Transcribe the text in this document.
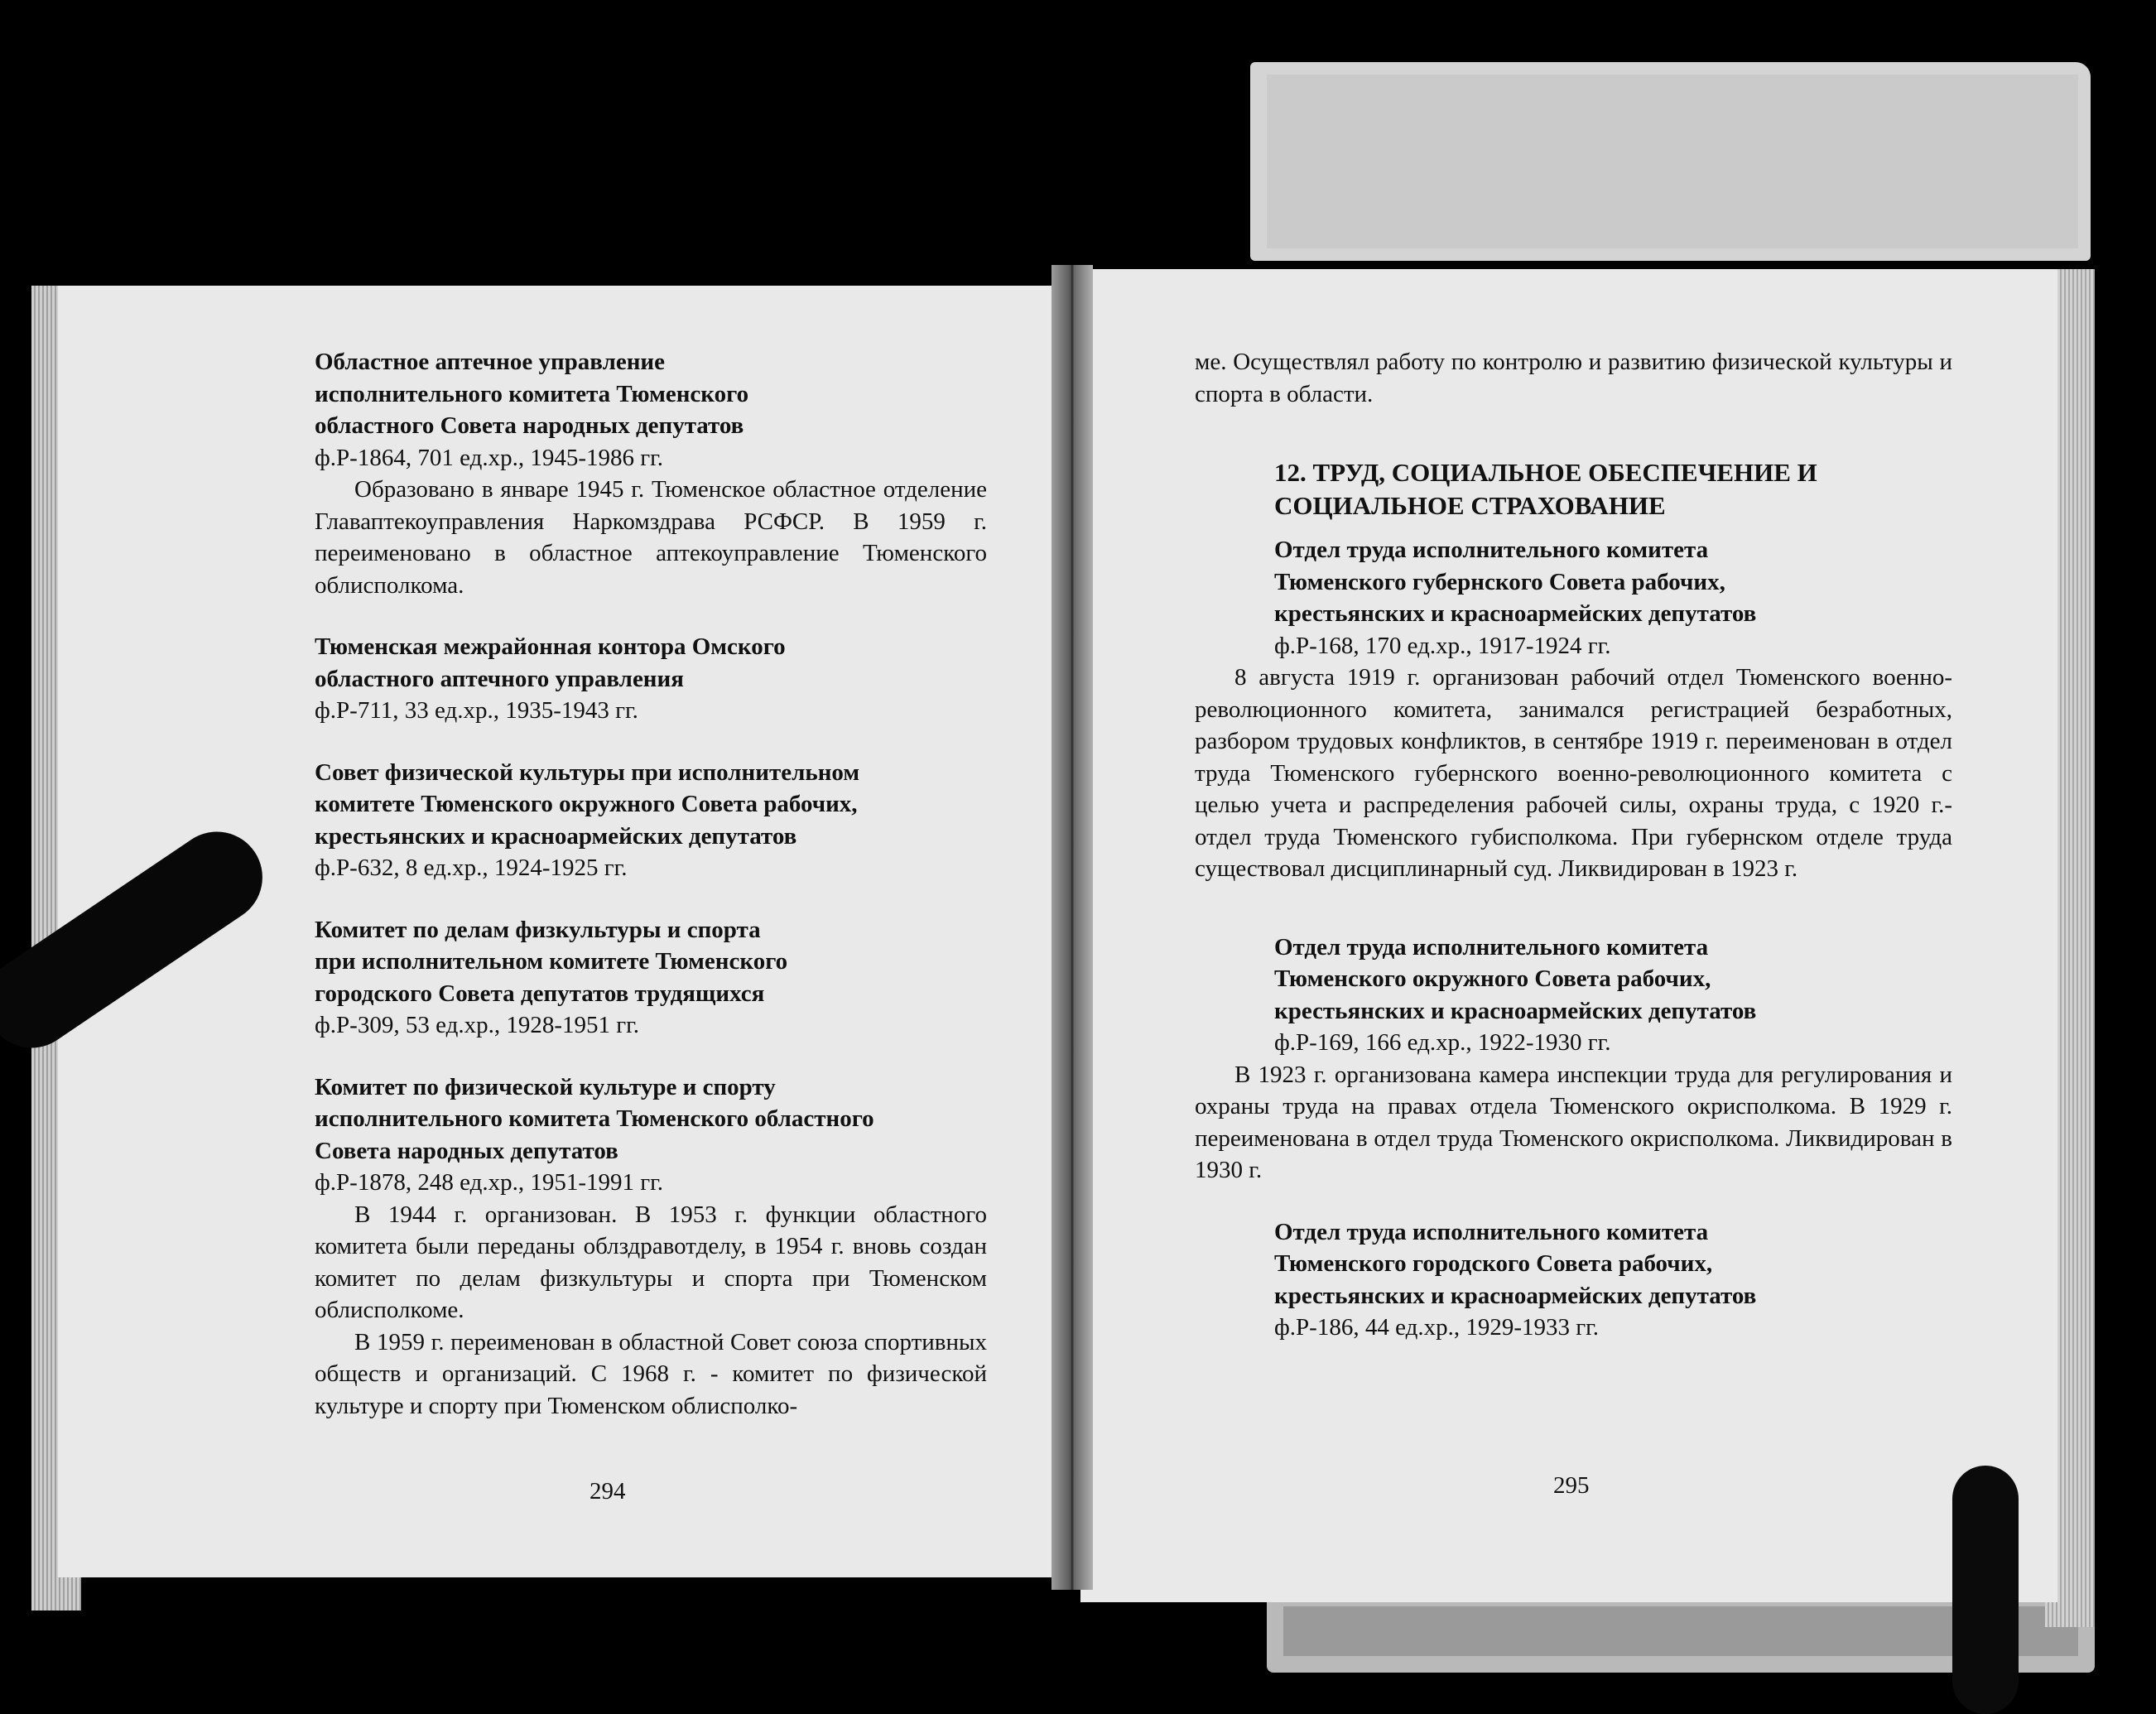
Областное аптечное управление

исполнительного комитета Тюменского

областного Совета народных депутатов

ф.Р-1864, 701 ед.хр., 1945-1986 гг.

Образовано в январе 1945 г. Тюменское областное отделение Главаптекоуправления Наркомздрава РСФСР. В 1959 г. переименовано в областное аптекоуправление Тюменского облисполкома.

Тюменская межрайонная контора Омского

областного аптечного управления

ф.Р-711, 33 ед.хр., 1935-1943 гг.

Совет физической культуры при исполнительном

комитете Тюменского окружного Совета рабочих,

крестьянских и красноармейских депутатов

ф.Р-632, 8 ед.хр., 1924-1925 гг.

Комитет по делам физкультуры и спорта

при исполнительном комитете Тюменского

городского Совета депутатов трудящихся

ф.Р-309, 53 ед.хр., 1928-1951 гг.

Комитет по физической культуре и спорту

исполнительного комитета Тюменского областного

Совета народных депутатов

ф.Р-1878, 248 ед.хр., 1951-1991 гг.

В 1944 г. организован. В 1953 г. функции областного комитета были переданы облздравотделу, в 1954 г. вновь создан комитет по делам физкультуры и спорта при Тюменском облисполкоме.

В 1959 г. переименован в областной Совет союза спортивных обществ и организаций. С 1968 г. - комитет по физической культуре и спорту при Тюменском облисполко-

294

ме. Осуществлял работу по контролю и развитию физической культуры и спорта в области.

12. ТРУД, СОЦИАЛЬНОЕ ОБЕСПЕЧЕНИЕ И

СОЦИАЛЬНОЕ СТРАХОВАНИЕ

Отдел труда исполнительного комитета

Тюменского губернского Совета рабочих,

крестьянских и красноармейских депутатов

ф.Р-168, 170 ед.хр., 1917-1924 гг.

8 августа 1919 г. организован рабочий отдел Тюменского военно-революционного комитета, занимался регистрацией безработных, разбором трудовых конфликтов, в сентябре 1919 г. переименован в отдел труда Тюменского губернского военно-революционного комитета с целью учета и распределения рабочей силы, охраны труда, с 1920 г.- отдел труда Тюменского губисполкома. При губернском отделе труда существовал дисциплинарный суд. Ликвидирован в 1923 г.

Отдел труда исполнительного комитета

Тюменского окружного Совета рабочих,

крестьянских и красноармейских депутатов

ф.Р-169, 166 ед.хр., 1922-1930 гг.

В 1923 г. организована камера инспекции труда для регулирования и охраны труда на правах отдела Тюменского окрисполкома. В 1929 г. переименована в отдел труда Тюменского окрисполкома. Ликвидирован в 1930 г.

Отдел труда исполнительного комитета

Тюменского городского Совета рабочих,

крестьянских и красноармейских депутатов

ф.Р-186, 44 ед.хр., 1929-1933 гг.

295
